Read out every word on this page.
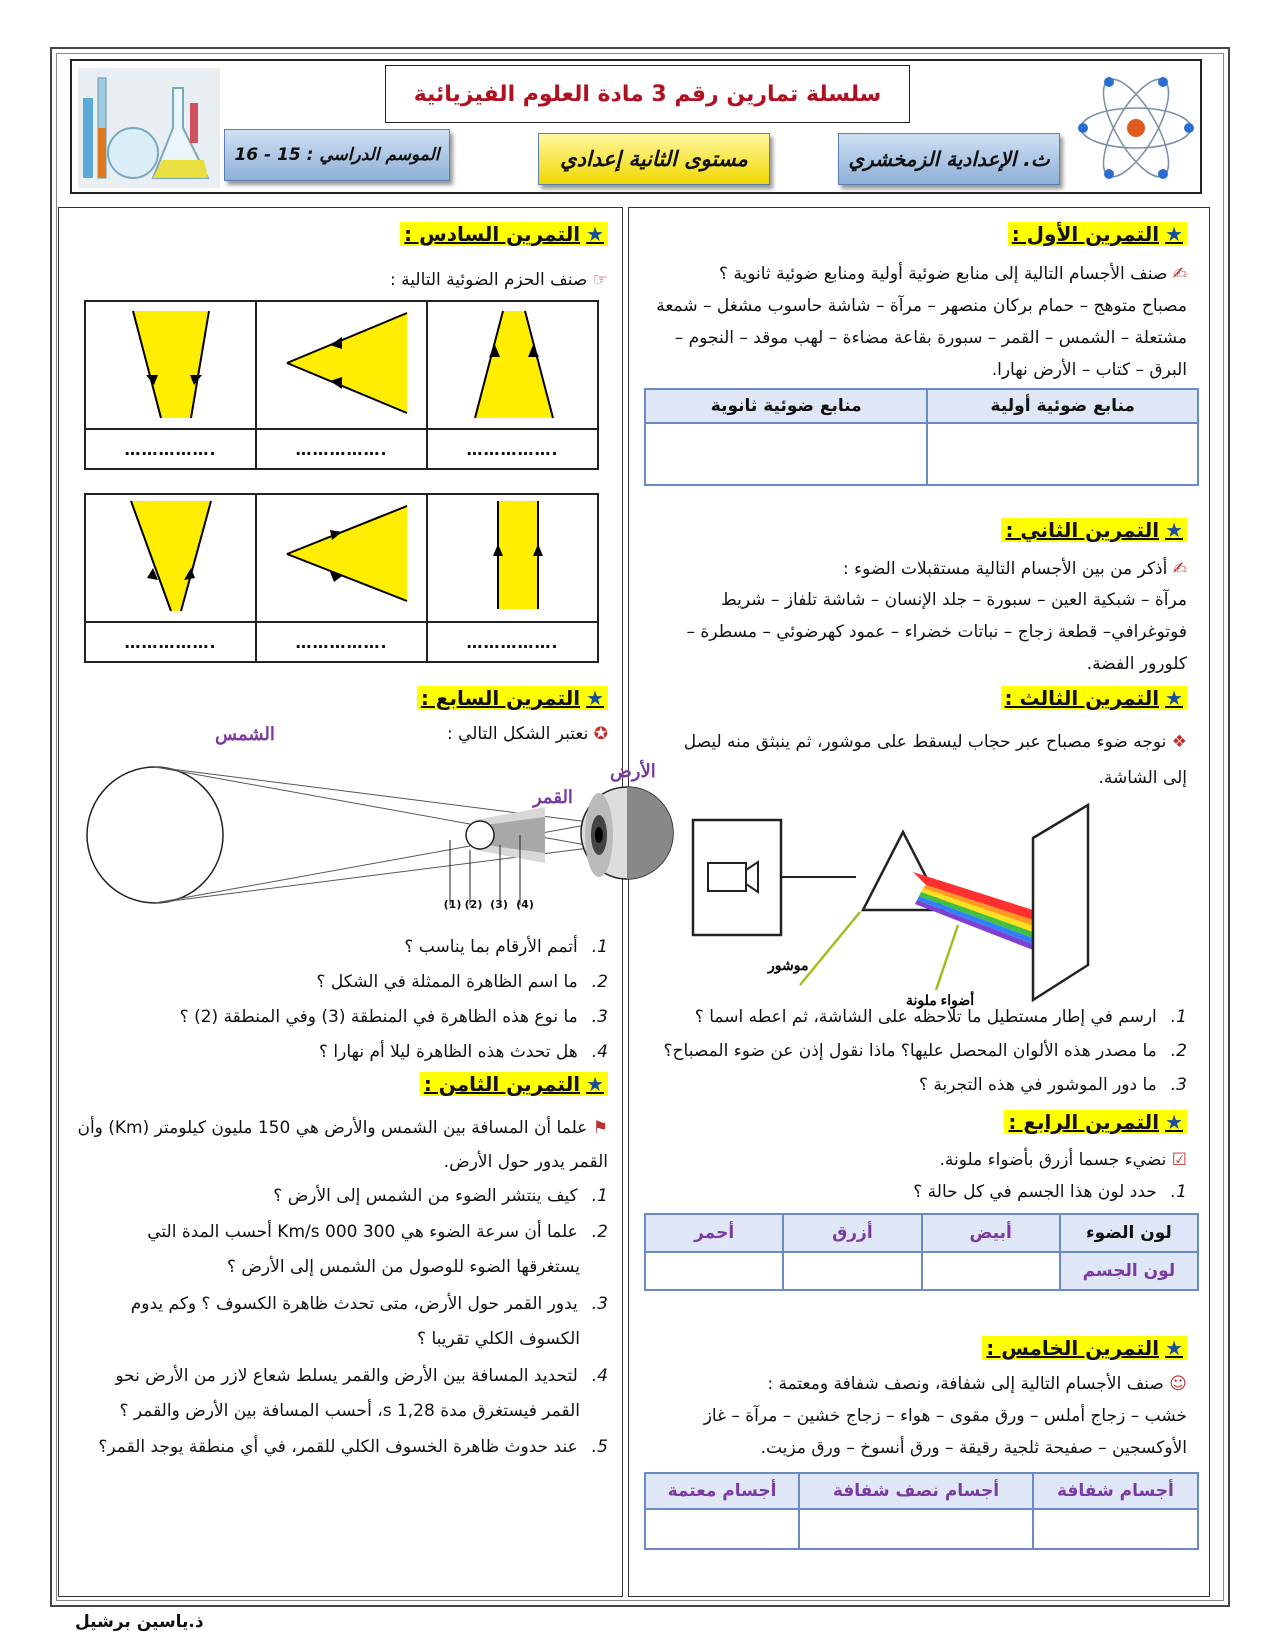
سلسلة تمارين رقم 3 مادة العلوم الفيزيائية
ث. الإعدادية الزمخشري
مستوى الثانية إعدادي
الموسم الدراسي : 15 - 16
★التمرين الأول :
✍ صنف الأجسام التالية إلى منابع ضوئية أولية ومنابع ضوئية ثانوية ؟
مصباح متوهج – حمام بركان منصهر – مرآة – شاشة حاسوب مشغل – شمعة
مشتعلة – الشمس – القمر – سبورة بقاعة مضاءة – لهب موقد – النجوم –
البرق – كتاب – الأرض نهارا.
منابع ضوئية أولية	منابع ضوئية ثانوية

★التمرين الثاني :
✍ أذكر من بين الأجسام التالية مستقبلات الضوء :
مرآة – شبكية العين – سبورة – جلد الإنسان – شاشة تلفاز – شريط
فوتوغرافي– قطعة زجاج – نباتات خضراء – عمود كهرضوئي – مسطرة –
كلورور الفضة.
★التمرين الثالث :
❖ نوجه ضوء مصباح عبر حجاب ليسقط على موشور، ثم ينبثق منه ليصل
إلى الشاشة.
موشور
أضواء ملونة
1.ارسم في إطار مستطيل ما تلاحظه على الشاشة، ثم اعطه اسما ؟
2.ما مصدر هذه الألوان المحصل عليها؟ ماذا نقول إذن عن ضوء المصباح؟
3.ما دور الموشور في هذه التجربة ؟
★التمرين الرابع :
☑ نضيء جسما أزرق بأضواء ملونة.
1.حدد لون هذا الجسم في كل حالة ؟
لون الضوء	أبيض	أزرق	أحمر
لون الجسم			
★التمرين الخامس :
☺ صنف الأجسام التالية إلى شفافة، ونصف شفافة ومعتمة :
خشب – زجاج أملس – ورق مقوى – هواء – زجاج خشين – مرآة – غاز
الأوكسجين – صفيحة ثلجية رقيقة – ورق أنسوخ – ورق مزيت.
أجسام شفافة	أجسام نصف شفافة	أجسام معتمة

★التمرين السادس :
☞ صنف الحزم الضوئية التالية :

…………….	…………….	…………….

…………….	…………….	…………….
★التمرين السابع :
✪ نعتبر الشكل التالي :
الشمس
الأرض
القمر
(1) (2) (3) (4)
1.أتمم الأرقام بما يناسب ؟
2.ما اسم الظاهرة الممثلة في الشكل ؟
3.ما نوع هذه الظاهرة في المنطقة (3) وفي المنطقة (2) ؟
4.هل تحدث هذه الظاهرة ليلا أم نهارا ؟
★التمرين الثامن :
⚑ علما أن المسافة بين الشمس والأرض هي 150 مليون كيلومتر (Km) وأن
القمر يدور حول الأرض.
1.كيف ينتشر الضوء من الشمس إلى الأرض ؟
2.علما أن سرعة الضوء هي 300 000 Km/s أحسب المدة التي
يستغرقها الضوء للوصول من الشمس إلى الأرض ؟
3.يدور القمر حول الأرض، متى تحدث ظاهرة الكسوف ؟ وكم يدوم
الكسوف الكلي تقريبا ؟
4.لتحديد المسافة بين الأرض والقمر يسلط شعاع لازر من الأرض نحو
القمر فيستغرق مدة 1,28 s، أحسب المسافة بين الأرض والقمر ؟
5.عند حدوث ظاهرة الخسوف الكلي للقمر، في أي منطقة يوجد القمر؟
ذ.ياسين برشيل
